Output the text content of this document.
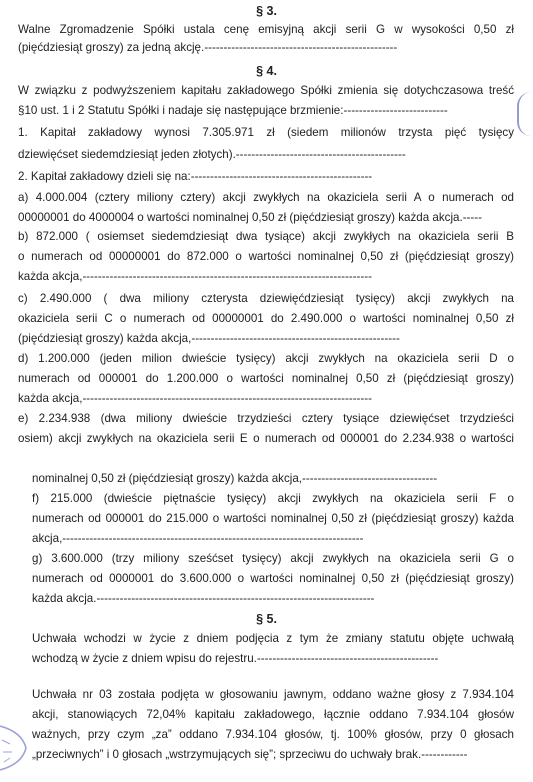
§ 3.
Walne Zgromadzenie Spółki ustala cenę emisyjną akcji serii G w wysokości 0,50 zł
(pięćdziesiąt groszy) za jedną akcję.--------------------------------------------------
§ 4.
W związku z podwyższeniem kapitału zakładowego Spółki zmienia się dotychczasowa treść
§10 ust. 1 i 2 Statutu Spółki i nadaje się następujące brzmienie:---------------------------
1. Kapitał zakładowy wynosi 7.305.971 zł (siedem milionów trzysta pięć tysięcy
dziewięćset siedemdziesiąt jeden złotych).--------------------------------------------
2. Kapitał zakładowy dzieli się na:-----------------------------------------------
a) 4.000.004 (cztery miliony cztery) akcji zwykłych na okaziciela serii A o numerach od
00000001 do 4000004 o wartości nominalnej 0,50 zł (pięćdziesiąt groszy) każda akcja.-----
b) 872.000 ( osiemset siedemdziesiąt dwa tysiące) akcji zwykłych na okaziciela serii B
o numerach od 00000001 do 872.000 o wartości nominalnej 0,50 zł (pięćdziesiąt groszy)
każda akcja,---------------------------------------------------------------------------
c) 2.490.000 ( dwa miliony czterysta dziewięćdziesiąt tysięcy) akcji zwykłych na
okaziciela serii C o numerach od 00000001 do 2.490.000 o wartości nominalnej 0,50 zł
(pięćdziesiąt groszy) każda akcja,------------------------------------------------------
d) 1.200.000 (jeden milion dwieście tysięcy) akcji zwykłych na okaziciela serii D o
numerach od 000001 do 1.200.000 o wartości nominalnej 0,50 zł (pięćdziesiąt groszy)
każda akcja,---------------------------------------------------------------------------
e) 2.234.938 (dwa miliony dwieście trzydzieści cztery tysiące dziewięćset trzydzieści
osiem) akcji zwykłych na okaziciela serii E o numerach od 000001 do 2.234.938 o wartości
nominalnej 0,50 zł (pięćdziesiąt groszy) każda akcja,-----------------------------------
f) 215.000 (dwieście piętnaście tysięcy) akcji zwykłych na okaziciela serii F o
numerach od 000001 do 215.000 o wartości nominalnej 0,50 zł (pięćdziesiąt groszy) każda
akcja,------------------------------------------------------------------------------
g) 3.600.000 (trzy miliony sześćset tysięcy) akcji zwykłych na okaziciela serii G o
numerach od 0000001 do 3.600.000 o wartości nominalnej 0,50 zł (pięćdziesiąt groszy)
każda akcja.------------------------------------------------------------------------
§ 5.
Uchwała wchodzi w życie z dniem podjęcia z tym że zmiany statutu objęte uchwałą
wchodzą w życie z dniem wpisu do rejestru.-----------------------------------------------
Uchwała nr 03 została podjęta w głosowaniu jawnym, oddano ważne głosy z 7.934.104
akcji, stanowiących 72,04% kapitału zakładowego, łącznie oddano 7.934.104 głosów
ważnych, przy czym „za” oddano 7.934.104 głosów, tj. 100% głosów, przy 0 głosach
„przeciwnych” i 0 głosach „wstrzymujących się”; sprzeciwu do uchwały brak.------------
